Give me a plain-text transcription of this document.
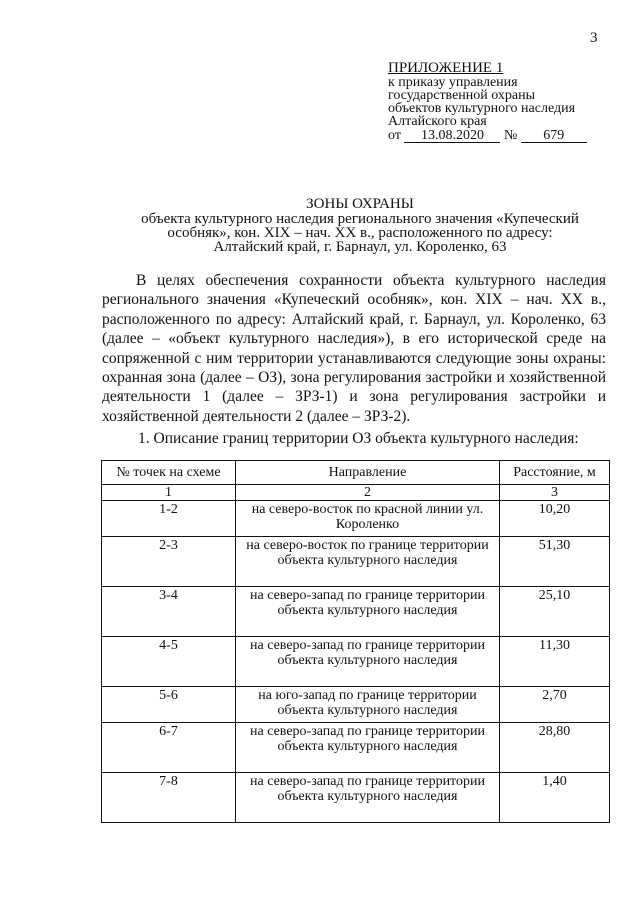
3
ПРИЛОЖЕНИЕ 1
к приказу управления
государственной охраны
объектов культурного наследия
Алтайского края
от 13.08.2020 № 679
ЗОНЫ ОХРАНЫ
объекта культурного наследия регионального значения «Купеческий
особняк», кон. XIX – нач. XX в., расположенного по адресу:
Алтайский край, г. Барнаул, ул. Короленко, 63
В целях обеспечения сохранности объекта культурного наследия регионального значения «Купеческий особняк», кон. XIX – нач. XX в., расположенного по адресу: Алтайский край, г. Барнаул, ул. Короленко, 63 (далее – «объект культурного наследия»), в его исторической среде на сопряженной с ним территории устанавливаются следующие зоны охраны: охранная зона (далее – ОЗ), зона регулирования застройки и хозяйственной деятельности 1 (далее – ЗРЗ-1) и зона регулирования застройки и хозяйственной деятельности 2 (далее – ЗРЗ-2).
1. Описание границ территории ОЗ объекта культурного наследия:
№ точек на схеме	Направление	Расстояние, м
1	2	3
1-2	на северо-восток по красной линии ул. Короленко	10,20
2-3	на северо-восток по границе территории объекта культурного наследия	51,30
3-4	на северо-запад по границе территории объекта культурного наследия	25,10
4-5	на северо-запад по границе территории объекта культурного наследия	11,30
5-6	на юго-запад по границе территории объекта культурного наследия	2,70
6-7	на северо-запад по границе территории объекта культурного наследия	28,80
7-8	на северо-запад по границе территории объекта культурного наследия	1,40
